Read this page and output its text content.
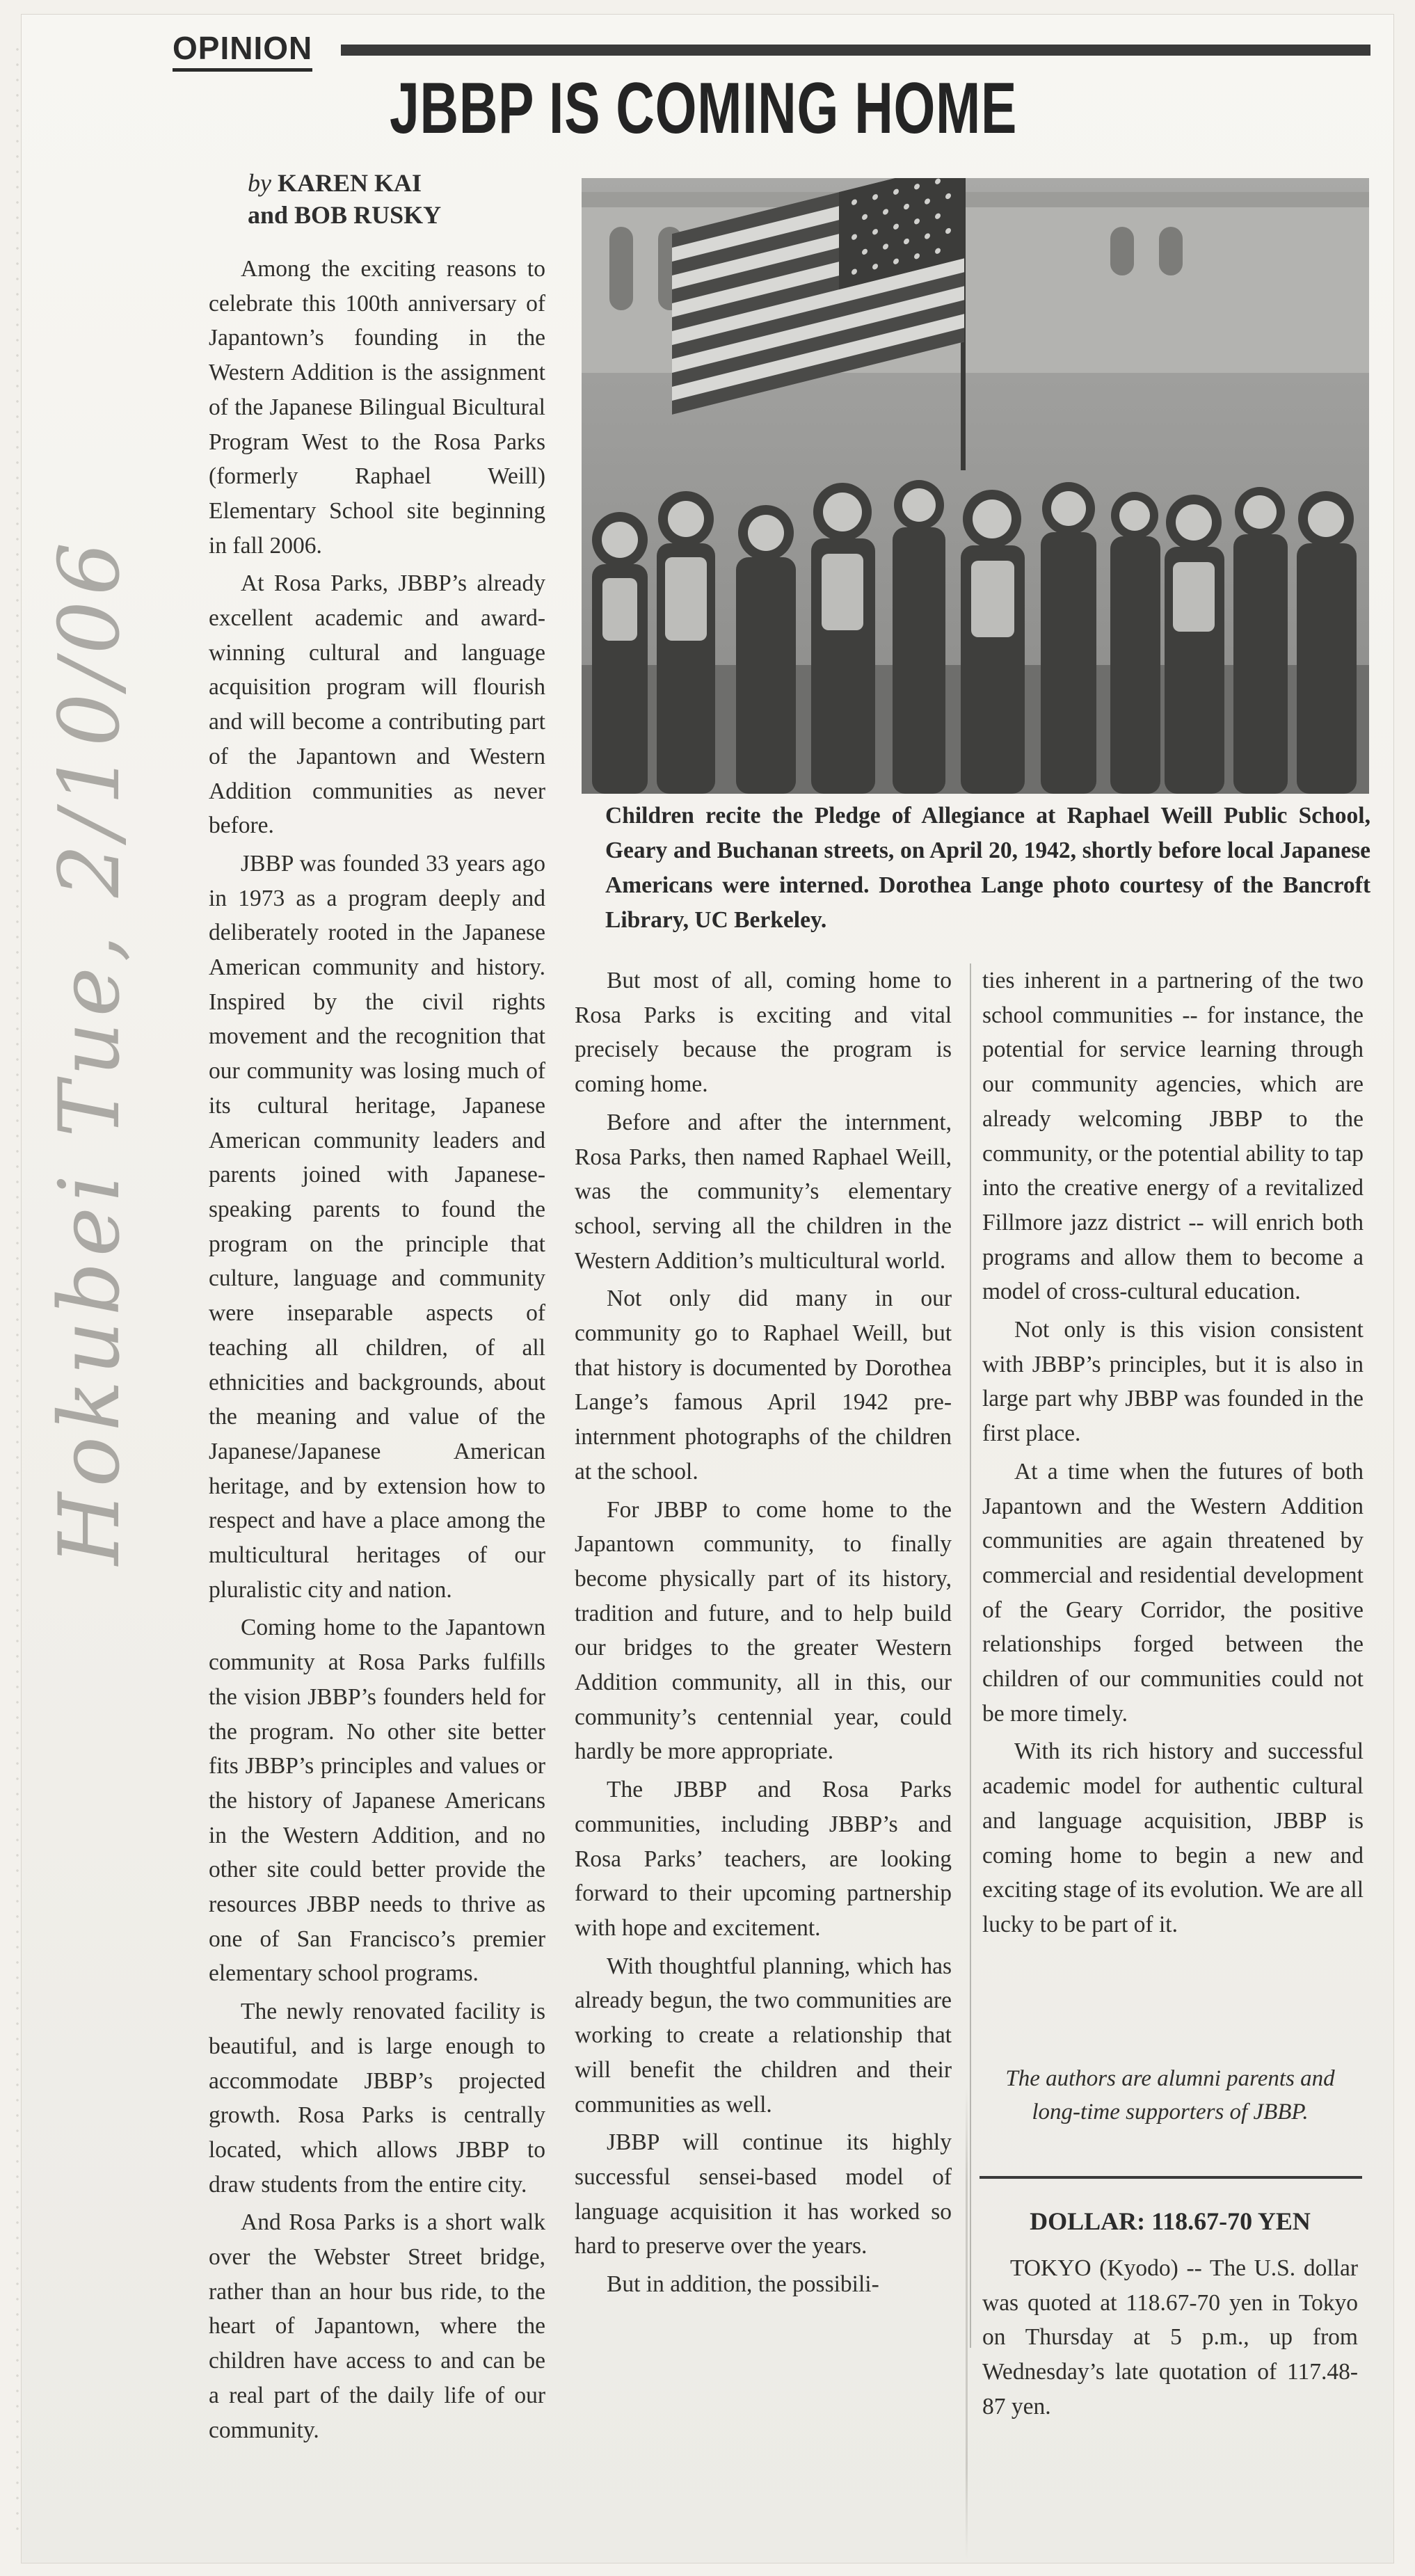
OPINION
JBBP IS COMING HOME
by KAREN KAI
and BOB RUSKY
Children recite the Pledge of Allegiance at Raphael Weill Public School, Geary and Buchanan streets, on April 20, 1942, shortly before local Japanese Americans were interned. Dorothea Lange photo courtesy of the Bancroft Library, UC Berkeley.

Among the exciting reasons to celebrate this 100th anniversary of Japantown’s founding in the Western Addition is the assignment of the Japanese Bilingual Bicultural Program West to the Rosa Parks (formerly Raphael Weill) Elementary School site beginning in fall 2006.

At Rosa Parks, JBBP’s already excellent academic and award-winning cultural and language acquisition program will flourish and will become a contributing part of the Japantown and Western Addition communities as never before.

JBBP was founded 33 years ago in 1973 as a program deeply and deliberately rooted in the Japanese American community and history. Inspired by the civil rights movement and the recognition that our community was losing much of its cultural heritage, Japanese American community leaders and parents joined with Japanese-speaking parents to found the program on the principle that culture, language and community were inseparable aspects of teaching all children, of all ethnicities and backgrounds, about the meaning and value of the Japanese/Japanese American heritage, and by extension how to respect and have a place among the multicultural heritages of our pluralistic city and nation.

Coming home to the Japantown community at Rosa Parks fulfills the vision JBBP’s founders held for the program. No other site better fits JBBP’s principles and values or the history of Japanese Americans in the Western Addition, and no other site could better provide the resources JBBP needs to thrive as one of San Francisco’s premier elementary school programs.

The newly renovated facility is beautiful, and is large enough to accommodate JBBP’s projected growth. Rosa Parks is centrally located, which allows JBBP to draw students from the entire city.

And Rosa Parks is a short walk over the Webster Street bridge, rather than an hour bus ride, to the heart of Japantown, where the children have access to and can be a real part of the daily life of our community.

But most of all, coming home to Rosa Parks is exciting and vital precisely because the program is coming home.

Before and after the internment, Rosa Parks, then named Raphael Weill, was the community’s elementary school, serving all the children in the Western Addition’s multicultural world.

Not only did many in our community go to Raphael Weill, but that history is documented by Dorothea Lange’s famous April 1942 pre-internment photographs of the children at the school.

For JBBP to come home to the Japantown community, to finally become physically part of its history, tradition and future, and to help build our bridges to the greater Western Addition community, all in this, our community’s centennial year, could hardly be more appropriate.

The JBBP and Rosa Parks communities, including JBBP’s and Rosa Parks’ teachers, are looking forward to their upcoming partnership with hope and excitement.

With thoughtful planning, which has already begun, the two communities are working to create a relationship that will benefit the children and their communities as well.

JBBP will continue its highly successful sensei-based model of language acquisition it has worked so hard to preserve over the years.

But in addition, the possibili-

ties inherent in a partnering of the two school communities -- for instance, the potential for service learning through our community agencies, which are already welcoming JBBP to the community, or the potential ability to tap into the creative energy of a revitalized Fillmore jazz district -- will enrich both programs and allow them to become a model of cross-cultural education.

Not only is this vision consistent with JBBP’s principles, but it is also in large part why JBBP was founded in the first place.

At a time when the futures of both Japantown and the Western Addition communities are again threatened by commercial and residential development of the Geary Corridor, the positive relationships forged between the children of our communities could not be more timely.

With its rich history and successful academic model for authentic cultural and language acquisition, JBBP is coming home to begin a new and exciting stage of its evolution. We are all lucky to be part of it.

The authors are alumni parents and long-time supporters of JBBP.
DOLLAR: 118.67-70 YEN

TOKYO (Kyodo) -- The U.S. dollar was quoted at 118.67-70 yen in Tokyo on Thursday at 5 p.m., up from Wednesday’s late quotation of 117.48-87 yen.

Hokubei Tue, 2/10/06
